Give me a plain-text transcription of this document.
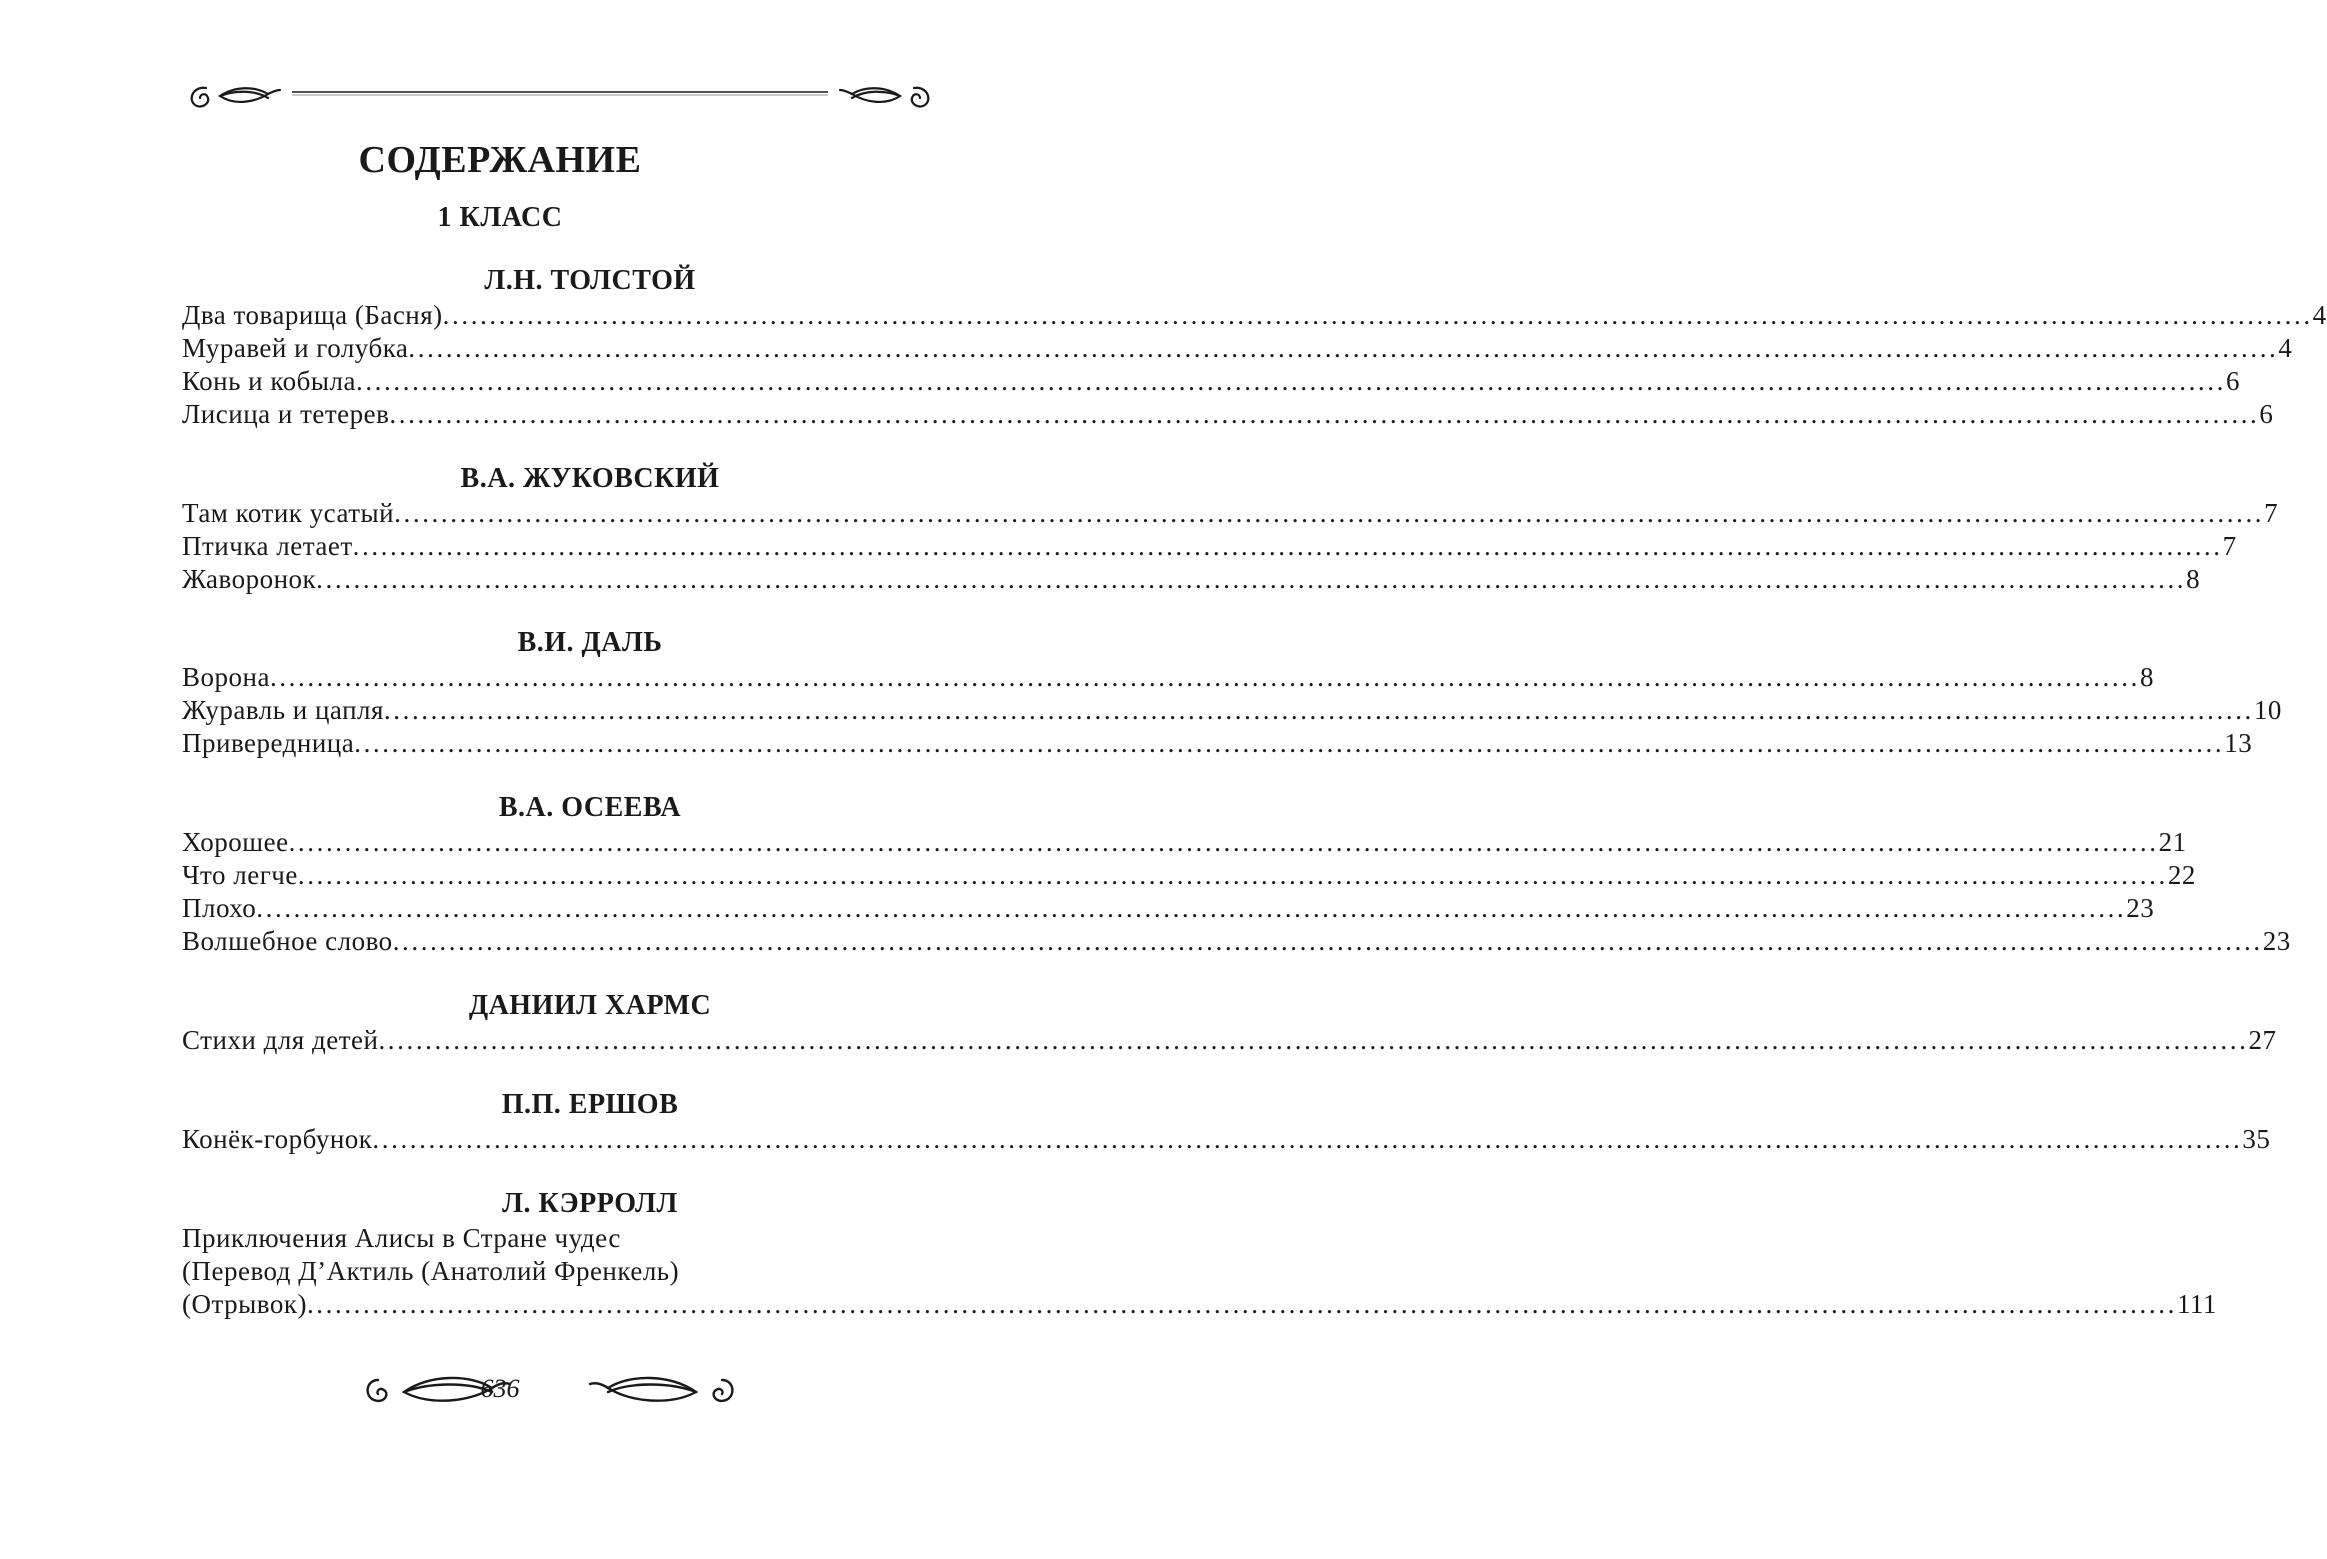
СОДЕРЖАНИЕ
1 КЛАСС
Л.Н. ТОЛСТОЙ
Два товарища (Басня) ........................................................................................................................................................................................................ 4
Муравей и голубка ........................................................................................................................................................................................................ 4
Конь и кобыла ........................................................................................................................................................................................................ 6
Лисица и тетерев ........................................................................................................................................................................................................ 6
В.А. ЖУКОВСКИЙ
Там котик усатый ........................................................................................................................................................................................................ 7
Птичка летает ........................................................................................................................................................................................................ 7
Жаворонок ........................................................................................................................................................................................................ 8
В.И. ДАЛЬ
Ворона ........................................................................................................................................................................................................ 8
Журавль и цапля ........................................................................................................................................................................................................ 10
Привередница ........................................................................................................................................................................................................ 13
В.А. ОСЕЕВА
Хорошее ........................................................................................................................................................................................................ 21
Что легче ........................................................................................................................................................................................................ 22
Плохо ........................................................................................................................................................................................................ 23
Волшебное слово ........................................................................................................................................................................................................ 23
ДАНИИЛ ХАРМС
Стихи для детей ........................................................................................................................................................................................................ 27
П.П. ЕРШОВ
Конёк-горбунок ........................................................................................................................................................................................................ 35
Л. КЭРРОЛЛ
Приключения Алисы в Стране чудес
(Перевод Д’Актиль (Анатолий Френкель)
(Отрывок) ........................................................................................................................................................................................................ 111
636
